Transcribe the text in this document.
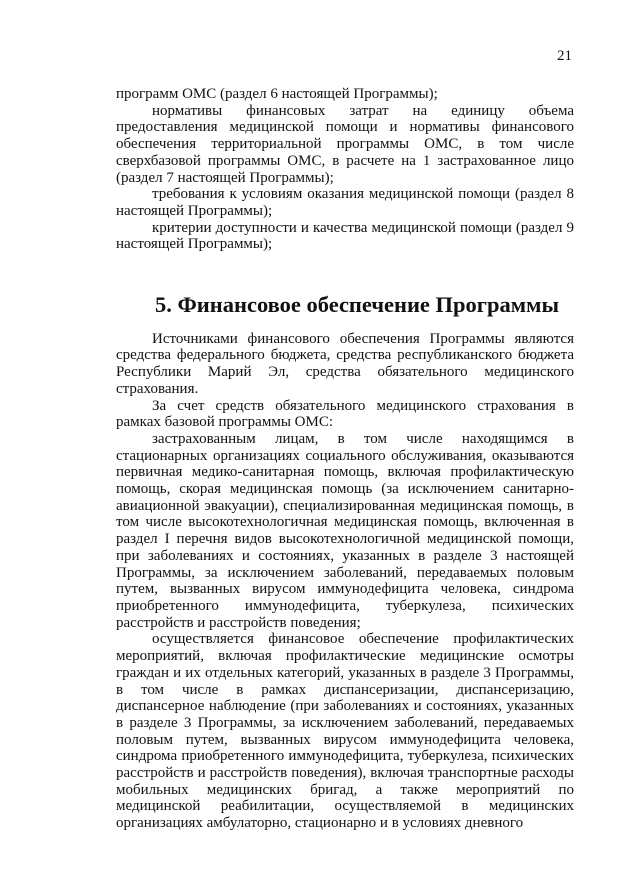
21

программ ОМС (раздел 6 настоящей Программы);

нормативы финансовых затрат на единицу объема предоставления медицинской помощи и нормативы финансового обеспечения территориальной программы ОМС, в том числе сверхбазовой программы ОМС, в расчете на 1 застрахованное лицо (раздел 7 настоящей Программы);

требования к условиям оказания медицинской помощи (раздел 8 настоящей Программы);

критерии доступности и качества медицинской помощи (раздел 9 настоящей Программы);

5. Финансовое обеспечение Программы

Источниками финансового обеспечения Программы являются средства федерального бюджета, средства республиканского бюджета Республики Марий Эл, средства обязательного медицинского страхования.

За счет средств обязательного медицинского страхования в рамках базовой программы ОМС:

застрахованным лицам, в том числе находящимся в стационарных организациях социального обслуживания, оказываются первичная медико-санитарная помощь, включая профилактическую помощь, скорая медицинская помощь (за исключением санитарно-авиационной эвакуации), специализированная медицинская помощь, в том числе высокотехнологичная медицинская помощь, включенная в раздел I перечня видов высокотехнологичной медицинской помощи, при заболеваниях и состояниях, указанных в разделе 3 настоящей Программы, за исключением заболеваний, передаваемых половым путем, вызванных вирусом иммунодефицита человека, синдрома приобретенного иммунодефицита, туберкулеза, психических расстройств и расстройств поведения;

осуществляется финансовое обеспечение профилактических мероприятий, включая профилактические медицинские осмотры граждан и их отдельных категорий, указанных в разделе 3 Программы, в том числе в рамках диспансеризации, диспансеризацию, диспансерное наблюдение (при заболеваниях и состояниях, указанных в разделе 3 Программы, за исключением заболеваний, передаваемых половым путем, вызванных вирусом иммунодефицита человека, синдрома приобретенного иммунодефицита, туберкулеза, психических расстройств и расстройств поведения), включая транспортные расходы мобильных медицинских бригад, а также мероприятий по медицинской реабилитации, осуществляемой в медицинских организациях амбулаторно, стационарно и в условиях дневного
